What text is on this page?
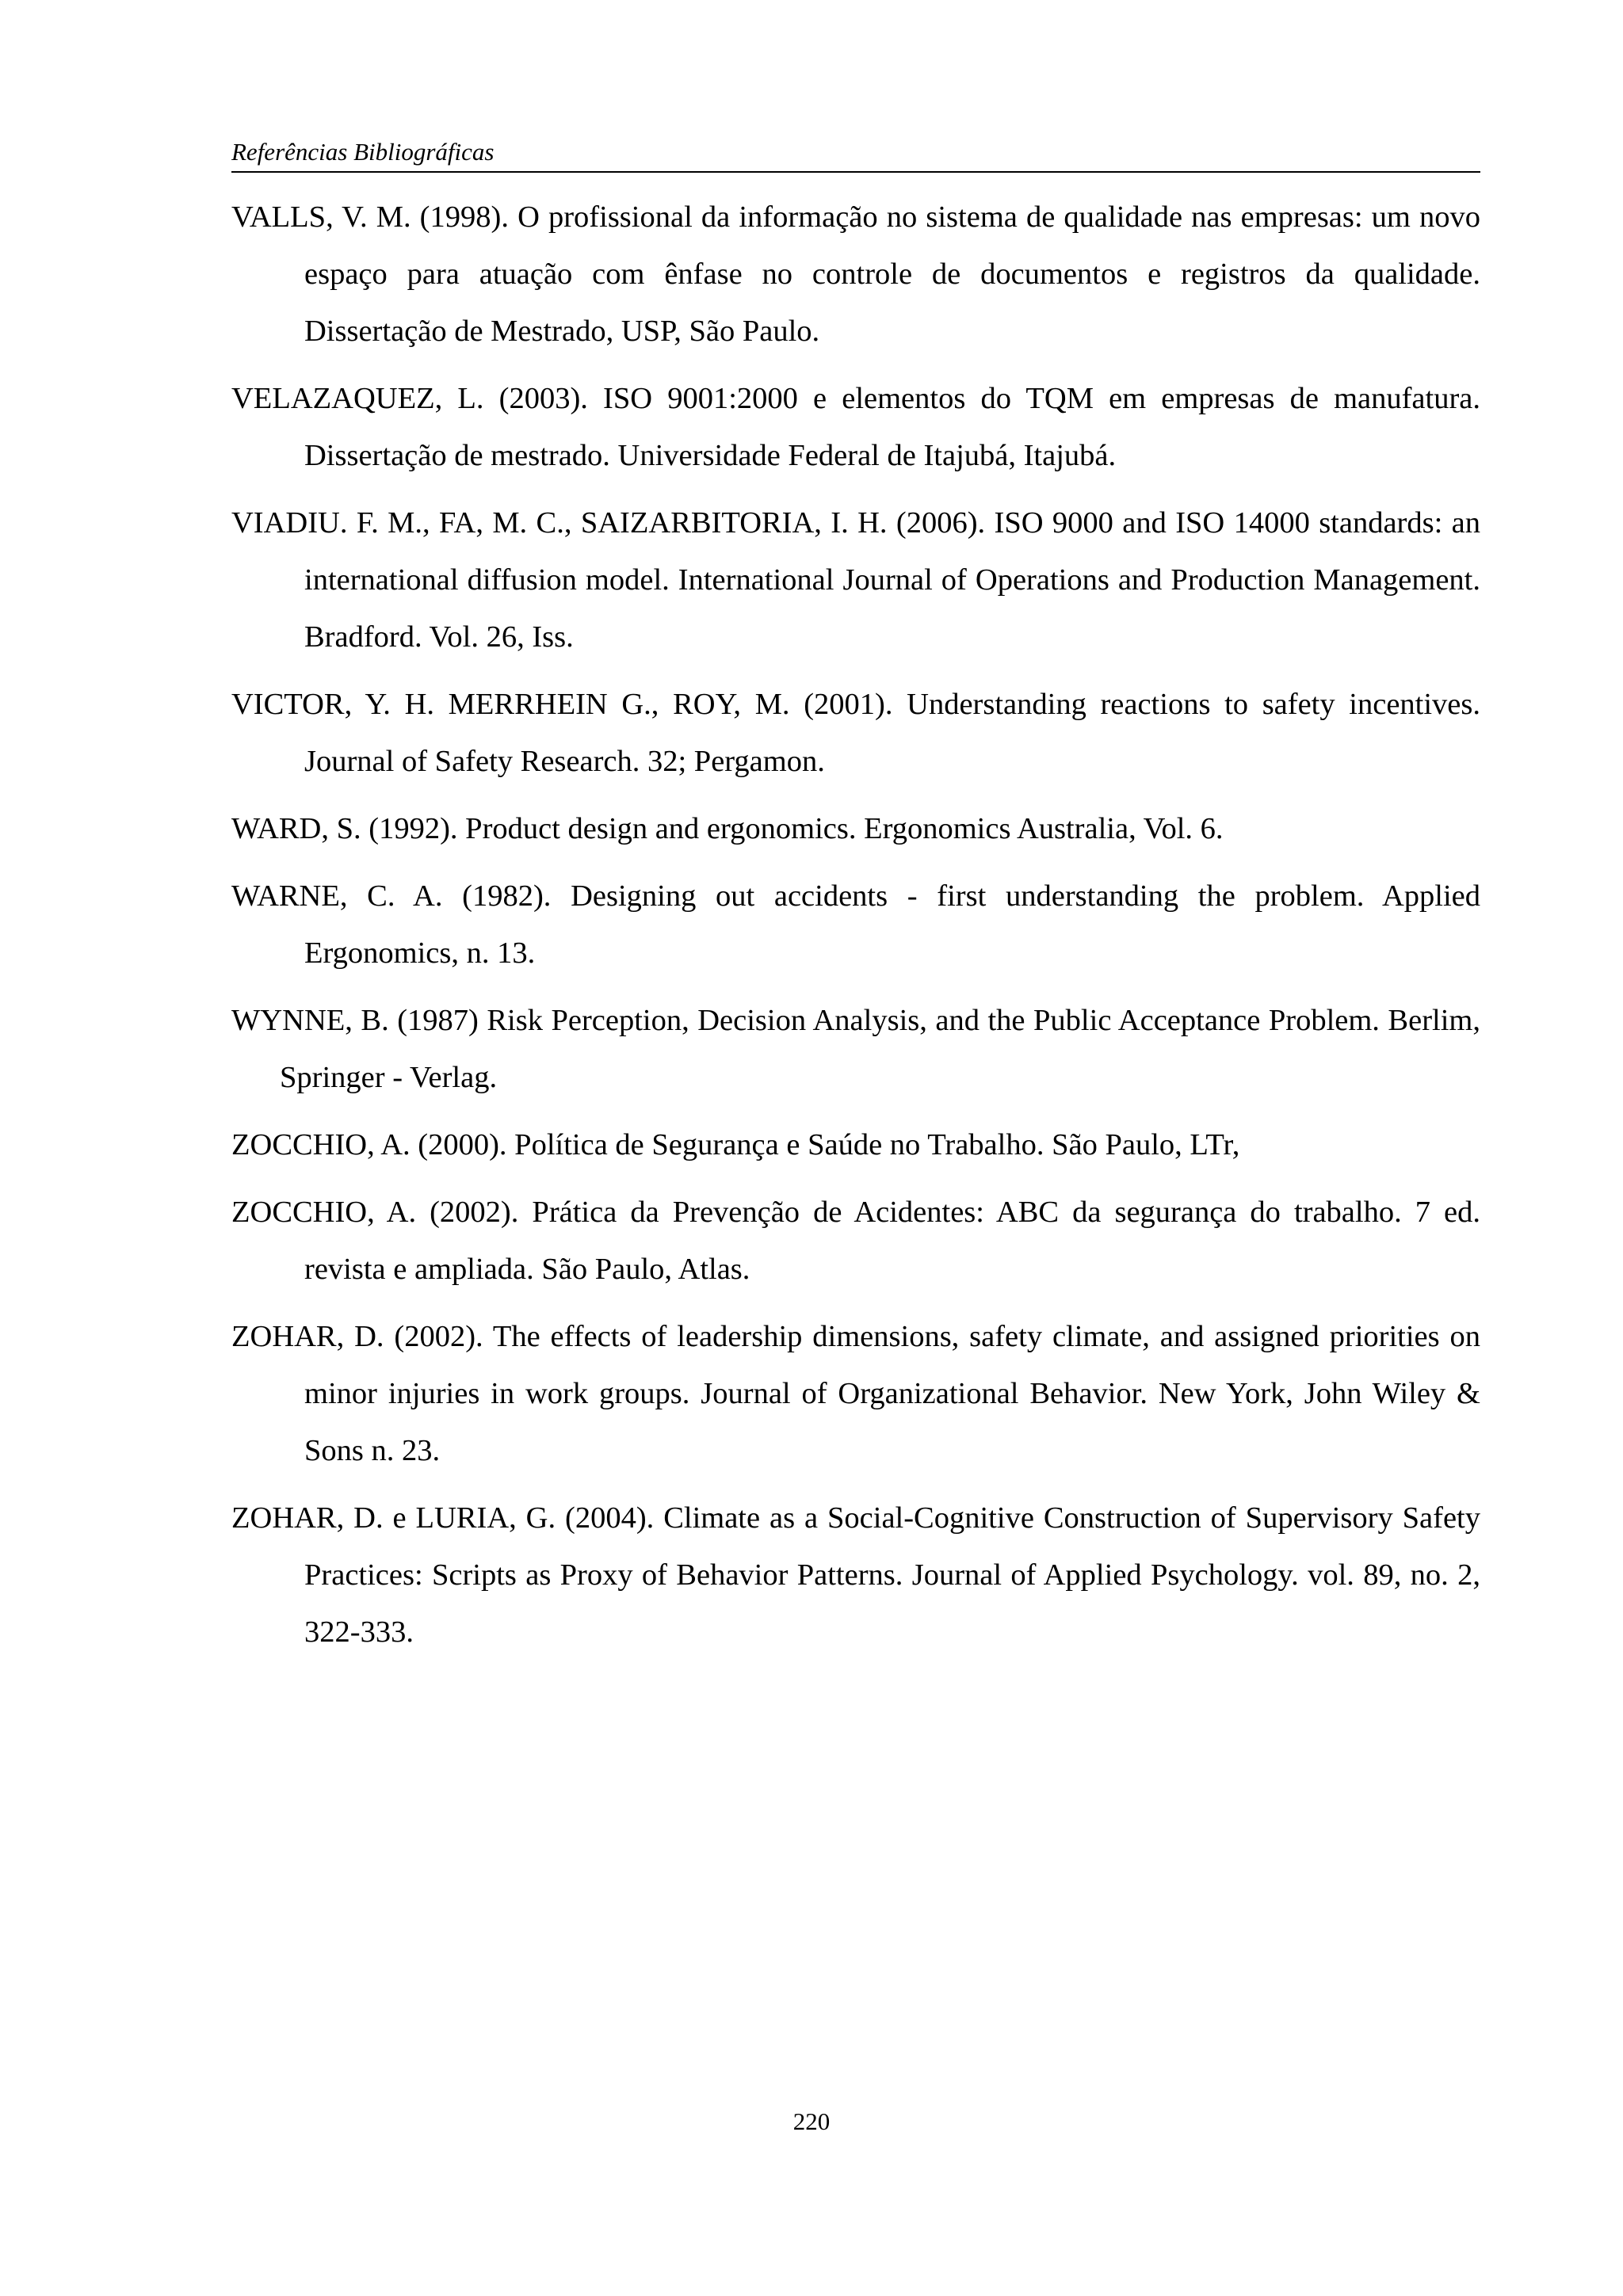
Referências Bibliográficas

VALLS, V. M. (1998). O profissional da informação no sistema de qualidade nas empresas: um novo espaço para atuação com ênfase no controle de documentos e registros da qualidade. Dissertação de Mestrado, USP, São Paulo.

VELAZAQUEZ, L. (2003). ISO 9001:2000 e elementos do TQM em empresas de manufatura. Dissertação de mestrado. Universidade Federal de Itajubá, Itajubá.

VIADIU. F. M., FA, M. C., SAIZARBITORIA, I. H. (2006). ISO 9000 and ISO 14000 standards: an international diffusion model. International Journal of Operations and Production Management. Bradford. Vol. 26, Iss.

VICTOR, Y. H. MERRHEIN G., ROY, M. (2001). Understanding reactions to safety incentives. Journal of Safety Research. 32; Pergamon.

WARD, S. (1992). Product design and ergonomics. Ergonomics Australia, Vol. 6.

WARNE, C. A. (1982). Designing out accidents - first understanding the problem. Applied Ergonomics, n. 13.

WYNNE, B. (1987) Risk Perception, Decision Analysis, and the Public Acceptance Problem. Berlim, Springer - Verlag.

ZOCCHIO, A. (2000). Política de Segurança e Saúde no Trabalho. São Paulo, LTr,

ZOCCHIO, A. (2002). Prática da Prevenção de Acidentes: ABC da segurança do trabalho. 7 ed. revista e ampliada. São Paulo, Atlas.

ZOHAR, D. (2002). The effects of leadership dimensions, safety climate, and assigned priorities on minor injuries in work groups. Journal of Organizational Behavior. New York, John Wiley & Sons n. 23.

ZOHAR, D. e LURIA, G. (2004). Climate as a Social-Cognitive Construction of Supervisory Safety Practices: Scripts as Proxy of Behavior Patterns. Journal of Applied Psychology. vol. 89, no. 2, 322-333.

220
